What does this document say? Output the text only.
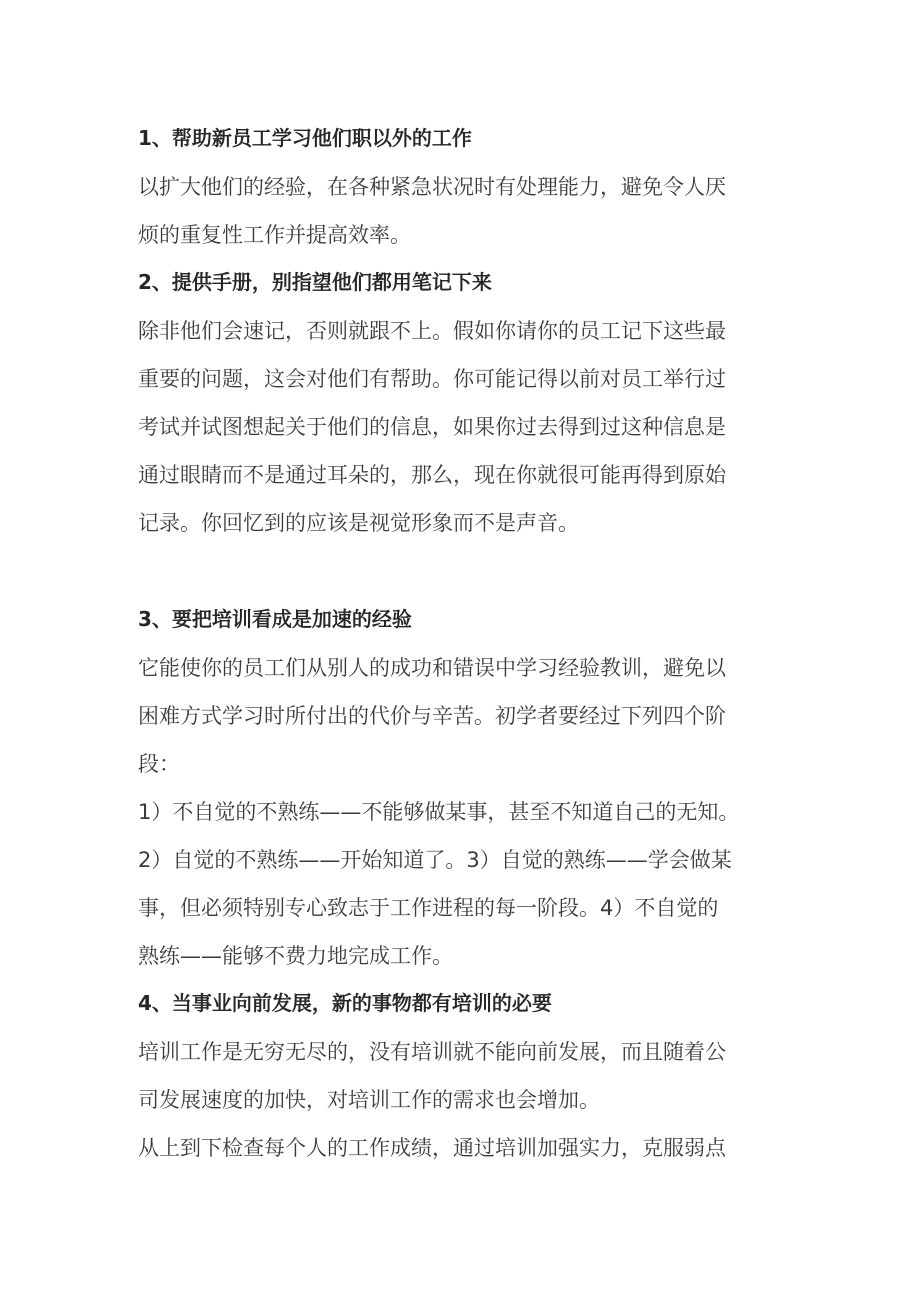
1、帮助新员工学习他们职以外的工作
以扩大他们的经验，在各种紧急状况时有处理能力，避免令人厌
烦的重复性工作并提高效率。
2、提供手册，别指望他们都用笔记下来
除非他们会速记，否则就跟不上。假如你请你的员工记下这些最
重要的问题，这会对他们有帮助。你可能记得以前对员工举行过
考试并试图想起关于他们的信息，如果你过去得到过这种信息是
通过眼睛而不是通过耳朵的，那么，现在你就很可能再得到原始
记录。你回忆到的应该是视觉形象而不是声音。
3、要把培训看成是加速的经验
它能使你的员工们从别人的成功和错误中学习经验教训，避免以
困难方式学习时所付出的代价与辛苦。初学者要经过下列四个阶
段：
1）不自觉的不熟练——不能够做某事，甚至不知道自己的无知。
2）自觉的不熟练——开始知道了。3）自觉的熟练——学会做某
事，但必须特别专心致志于工作进程的每一阶段。4）不自觉的
熟练——能够不费力地完成工作。
4、当事业向前发展，新的事物都有培训的必要
培训工作是无穷无尽的，没有培训就不能向前发展，而且随着公
司发展速度的加快，对培训工作的需求也会增加。
从上到下检查每个人的工作成绩，通过培训加强实力，克服弱点
